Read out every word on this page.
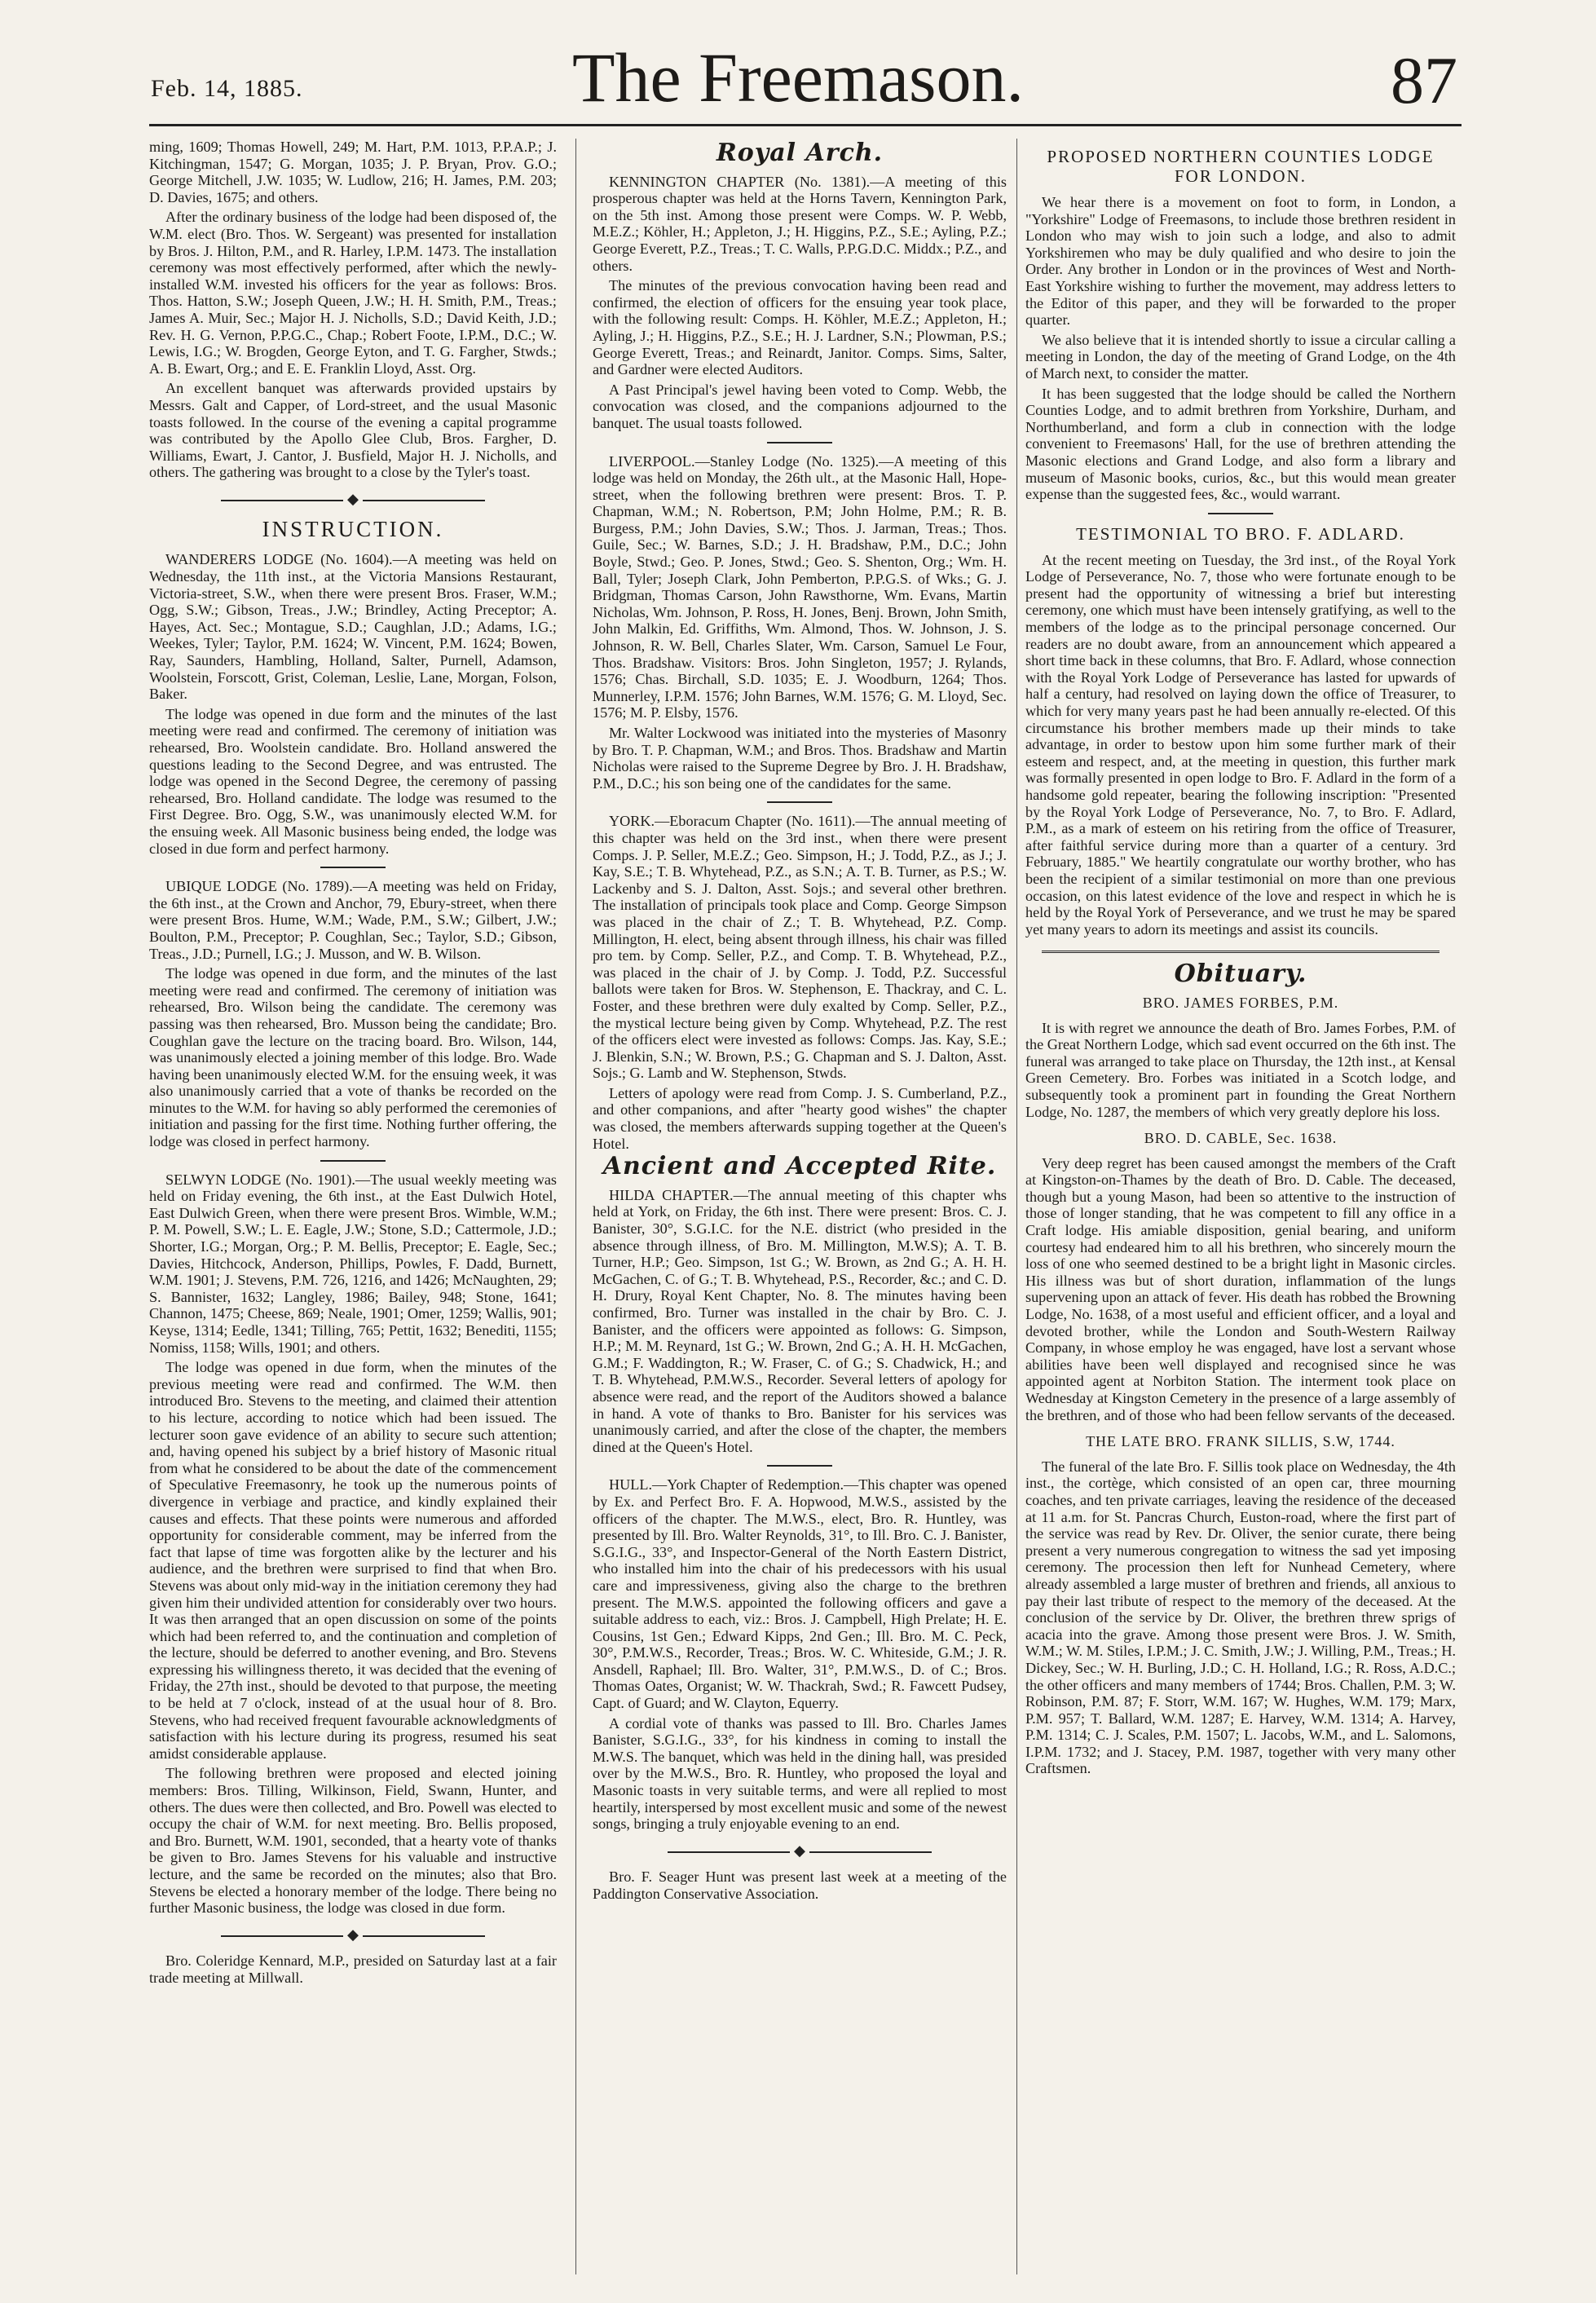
Feb. 14, 1885.	The Freemason.	87

ming, 1609; Thomas Howell, 249; M. Hart, P.M. 1013, P.P.A.P.; J. Kitchingman, 1547; G. Morgan, 1035; J. P. Bryan, Prov. G.O.; George Mitchell, J.W. 1035; W. Ludlow, 216; H. James, P.M. 203; D. Davies, 1675; and others.

After the ordinary business of the lodge had been disposed of, the W.M. elect (Bro. Thos. W. Sergeant) was presented for installation by Bros. J. Hilton, P.M., and R. Harley, I.P.M. 1473. The installation ceremony was most effectively performed, after which the newly-installed W.M. invested his officers for the year as follows: Bros. Thos. Hatton, S.W.; Joseph Queen, J.W.; H. H. Smith, P.M., Treas.; James A. Muir, Sec.; Major H. J. Nicholls, S.D.; David Keith, J.D.; Rev. H. G. Vernon, P.P.G.C., Chap.; Robert Foote, I.P.M., D.C.; W. Lewis, I.G.; W. Brogden, George Eyton, and T. G. Fargher, Stwds.; A. B. Ewart, Org.; and E. E. Franklin Lloyd, Asst. Org.

An excellent banquet was afterwards provided upstairs by Messrs. Galt and Capper, of Lord-street, and the usual Masonic toasts followed. In the course of the evening a capital programme was contributed by the Apollo Glee Club, Bros. Fargher, D. Williams, Ewart, J. Cantor, J. Busfield, Major H. J. Nicholls, and others. The gathering was brought to a close by the Tyler's toast.

◆
INSTRUCTION.

WANDERERS LODGE (No. 1604).—A meeting was held on Wednesday, the 11th inst., at the Victoria Mansions Restaurant, Victoria-street, S.W., when there were present Bros. Fraser, W.M.; Ogg, S.W.; Gibson, Treas., J.W.; Brindley, Acting Preceptor; A. Hayes, Act. Sec.; Montague, S.D.; Caughlan, J.D.; Adams, I.G.; Weekes, Tyler; Taylor, P.M. 1624; W. Vincent, P.M. 1624; Bowen, Ray, Saunders, Hambling, Holland, Salter, Purnell, Adamson, Woolstein, Forscott, Grist, Coleman, Leslie, Lane, Morgan, Folson, Baker.

The lodge was opened in due form and the minutes of the last meeting were read and confirmed. The ceremony of initiation was rehearsed, Bro. Woolstein candidate. Bro. Holland answered the questions leading to the Second Degree, and was entrusted. The lodge was opened in the Second Degree, the ceremony of passing rehearsed, Bro. Holland candidate. The lodge was resumed to the First Degree. Bro. Ogg, S.W., was unanimously elected W.M. for the ensuing week. All Masonic business being ended, the lodge was closed in due form and perfect harmony.

UBIQUE LODGE (No. 1789).—A meeting was held on Friday, the 6th inst., at the Crown and Anchor, 79, Ebury-street, when there were present Bros. Hume, W.M.; Wade, P.M., S.W.; Gilbert, J.W.; Boulton, P.M., Preceptor; P. Coughlan, Sec.; Taylor, S.D.; Gibson, Treas., J.D.; Purnell, I.G.; J. Musson, and W. B. Wilson.

The lodge was opened in due form, and the minutes of the last meeting were read and confirmed. The ceremony of initiation was rehearsed, Bro. Wilson being the candidate. The ceremony was passing was then rehearsed, Bro. Musson being the candidate; Bro. Coughlan gave the lecture on the tracing board. Bro. Wilson, 144, was unanimously elected a joining member of this lodge. Bro. Wade having been unanimously elected W.M. for the ensuing week, it was also unanimously carried that a vote of thanks be recorded on the minutes to the W.M. for having so ably performed the ceremonies of initiation and passing for the first time. Nothing further offering, the lodge was closed in perfect harmony.

SELWYN LODGE (No. 1901).—The usual weekly meeting was held on Friday evening, the 6th inst., at the East Dulwich Hotel, East Dulwich Green, when there were present Bros. Wimble, W.M.; P. M. Powell, S.W.; L. E. Eagle, J.W.; Stone, S.D.; Cattermole, J.D.; Shorter, I.G.; Morgan, Org.; P. M. Bellis, Preceptor; E. Eagle, Sec.; Davies, Hitchcock, Anderson, Phillips, Powles, F. Dadd, Burnett, W.M. 1901; J. Stevens, P.M. 726, 1216, and 1426; McNaughten, 29; S. Bannister, 1632; Langley, 1986; Bailey, 948; Stone, 1641; Channon, 1475; Cheese, 869; Neale, 1901; Omer, 1259; Wallis, 901; Keyse, 1314; Eedle, 1341; Tilling, 765; Pettit, 1632; Benediti, 1155; Nomiss, 1158; Wills, 1901; and others.

The lodge was opened in due form, when the minutes of the previous meeting were read and confirmed. The W.M. then introduced Bro. Stevens to the meeting, and claimed their attention to his lecture, according to notice which had been issued. The lecturer soon gave evidence of an ability to secure such attention; and, having opened his subject by a brief history of Masonic ritual from what he considered to be about the date of the commencement of Speculative Freemasonry, he took up the numerous points of divergence in verbiage and practice, and kindly explained their causes and effects. That these points were numerous and afforded opportunity for considerable comment, may be inferred from the fact that lapse of time was forgotten alike by the lecturer and his audience, and the brethren were surprised to find that when Bro. Stevens was about only mid-way in the initiation ceremony they had given him their undivided attention for considerably over two hours. It was then arranged that an open discussion on some of the points which had been referred to, and the continuation and completion of the lecture, should be deferred to another evening, and Bro. Stevens expressing his willingness thereto, it was decided that the evening of Friday, the 27th inst., should be devoted to that purpose, the meeting to be held at 7 o'clock, instead of at the usual hour of 8. Bro. Stevens, who had received frequent favourable acknowledgments of satisfaction with his lecture during its progress, resumed his seat amidst considerable applause.

The following brethren were proposed and elected joining members: Bros. Tilling, Wilkinson, Field, Swann, Hunter, and others. The dues were then collected, and Bro. Powell was elected to occupy the chair of W.M. for next meeting. Bro. Bellis proposed, and Bro. Burnett, W.M. 1901, seconded, that a hearty vote of thanks be given to Bro. James Stevens for his valuable and instructive lecture, and the same be recorded on the minutes; also that Bro. Stevens be elected a honorary member of the lodge. There being no further Masonic business, the lodge was closed in due form.

◆

Bro. Coleridge Kennard, M.P., presided on Saturday last at a fair trade meeting at Millwall.

Royal Arch.

KENNINGTON CHAPTER (No. 1381).—A meeting of this prosperous chapter was held at the Horns Tavern, Kennington Park, on the 5th inst. Among those present were Comps. W. P. Webb, M.E.Z.; Köhler, H.; Appleton, J.; H. Higgins, P.Z., S.E.; Ayling, P.Z.; George Everett, P.Z., Treas.; T. C. Walls, P.P.G.D.C. Middx.; P.Z., and others.

The minutes of the previous convocation having been read and confirmed, the election of officers for the ensuing year took place, with the following result: Comps. H. Köhler, M.E.Z.; Appleton, H.; Ayling, J.; H. Higgins, P.Z., S.E.; H. J. Lardner, S.N.; Plowman, P.S.; George Everett, Treas.; and Reinardt, Janitor. Comps. Sims, Salter, and Gardner were elected Auditors.

A Past Principal's jewel having been voted to Comp. Webb, the convocation was closed, and the companions adjourned to the banquet. The usual toasts followed.

LIVERPOOL.—Stanley Lodge (No. 1325).—A meeting of this lodge was held on Monday, the 26th ult., at the Masonic Hall, Hope-street, when the following brethren were present: Bros. T. P. Chapman, W.M.; N. Robertson, P.M; John Holme, P.M.; R. B. Burgess, P.M.; John Davies, S.W.; Thos. J. Jarman, Treas.; Thos. Guile, Sec.; W. Barnes, S.D.; J. H. Bradshaw, P.M., D.C.; John Boyle, Stwd.; Geo. P. Jones, Stwd.; Geo. S. Shenton, Org.; Wm. H. Ball, Tyler; Joseph Clark, John Pemberton, P.P.G.S. of Wks.; G. J. Bridgman, Thomas Carson, John Rawsthorne, Wm. Evans, Martin Nicholas, Wm. Johnson, P. Ross, H. Jones, Benj. Brown, John Smith, John Malkin, Ed. Griffiths, Wm. Almond, Thos. W. Johnson, J. S. Johnson, R. W. Bell, Charles Slater, Wm. Carson, Samuel Le Four, Thos. Bradshaw. Visitors: Bros. John Singleton, 1957; J. Rylands, 1576; Chas. Birchall, S.D. 1035; E. J. Woodburn, 1264; Thos. Munnerley, I.P.M. 1576; John Barnes, W.M. 1576; G. M. Lloyd, Sec. 1576; M. P. Elsby, 1576.

Mr. Walter Lockwood was initiated into the mysteries of Masonry by Bro. T. P. Chapman, W.M.; and Bros. Thos. Bradshaw and Martin Nicholas were raised to the Supreme Degree by Bro. J. H. Bradshaw, P.M., D.C.; his son being one of the candidates for the same.

YORK.—Eboracum Chapter (No. 1611).—The annual meeting of this chapter was held on the 3rd inst., when there were present Comps. J. P. Seller, M.E.Z.; Geo. Simpson, H.; J. Todd, P.Z., as J.; J. Kay, S.E.; T. B. Whytehead, P.Z., as S.N.; A. T. B. Turner, as P.S.; W. Lackenby and S. J. Dalton, Asst. Sojs.; and several other brethren. The installation of principals took place and Comp. George Simpson was placed in the chair of Z.; T. B. Whytehead, P.Z. Comp. Millington, H. elect, being absent through illness, his chair was filled pro tem. by Comp. Seller, P.Z., and Comp. T. B. Whytehead, P.Z., was placed in the chair of J. by Comp. J. Todd, P.Z. Successful ballots were taken for Bros. W. Stephenson, E. Thackray, and C. L. Foster, and these brethren were duly exalted by Comp. Seller, P.Z., the mystical lecture being given by Comp. Whytehead, P.Z. The rest of the officers elect were invested as follows: Comps. Jas. Kay, S.E.; J. Blenkin, S.N.; W. Brown, P.S.; G. Chapman and S. J. Dalton, Asst. Sojs.; G. Lamb and W. Stephenson, Stwds.

Letters of apology were read from Comp. J. S. Cumberland, P.Z., and other companions, and after "hearty good wishes" the chapter was closed, the members afterwards supping together at the Queen's Hotel.

Ancient and Accepted Rite.

HILDA CHAPTER.—The annual meeting of this chapter whs held at York, on Friday, the 6th inst. There were present: Bros. C. J. Banister, 30°, S.G.I.C. for the N.E. district (who presided in the absence through illness, of Bro. M. Millington, M.W.S); A. T. B. Turner, H.P.; Geo. Simpson, 1st G.; W. Brown, as 2nd G.; A. H. H. McGachen, C. of G.; T. B. Whytehead, P.S., Recorder, &c.; and C. D. H. Drury, Royal Kent Chapter, No. 8. The minutes having been confirmed, Bro. Turner was installed in the chair by Bro. C. J. Banister, and the officers were appointed as follows: G. Simpson, H.P.; M. M. Reynard, 1st G.; W. Brown, 2nd G.; A. H. H. McGachen, G.M.; F. Waddington, R.; W. Fraser, C. of G.; S. Chadwick, H.; and T. B. Whytehead, P.M.W.S., Recorder. Several letters of apology for absence were read, and the report of the Auditors showed a balance in hand. A vote of thanks to Bro. Banister for his services was unanimously carried, and after the close of the chapter, the members dined at the Queen's Hotel.

HULL.—York Chapter of Redemption.—This chapter was opened by Ex. and Perfect Bro. F. A. Hopwood, M.W.S., assisted by the officers of the chapter. The M.W.S., elect, Bro. R. Huntley, was presented by Ill. Bro. Walter Reynolds, 31°, to Ill. Bro. C. J. Banister, S.G.I.G., 33°, and Inspector-General of the North Eastern District, who installed him into the chair of his predecessors with his usual care and impressiveness, giving also the charge to the brethren present. The M.W.S. appointed the following officers and gave a suitable address to each, viz.: Bros. J. Campbell, High Prelate; H. E. Cousins, 1st Gen.; Edward Kipps, 2nd Gen.; Ill. Bro. M. C. Peck, 30°, P.M.W.S., Recorder, Treas.; Bros. W. C. Whiteside, G.M.; J. R. Ansdell, Raphael; Ill. Bro. Walter, 31°, P.M.W.S., D. of C.; Bros. Thomas Oates, Organist; W. W. Thackrah, Swd.; R. Fawcett Pudsey, Capt. of Guard; and W. Clayton, Equerry.

A cordial vote of thanks was passed to Ill. Bro. Charles James Banister, S.G.I.G., 33°, for his kindness in coming to install the M.W.S. The banquet, which was held in the dining hall, was presided over by the M.W.S., Bro. R. Huntley, who proposed the loyal and Masonic toasts in very suitable terms, and were all replied to most heartily, interspersed by most excellent music and some of the newest songs, bringing a truly enjoyable evening to an end.

◆

Bro. F. Seager Hunt was present last week at a meeting of the Paddington Conservative Association.

PROPOSED NORTHERN COUNTIES LODGE FOR LONDON.

We hear there is a movement on foot to form, in London, a "Yorkshire" Lodge of Freemasons, to include those brethren resident in London who may wish to join such a lodge, and also to admit Yorkshiremen who may be duly qualified and who desire to join the Order. Any brother in London or in the provinces of West and North-East Yorkshire wishing to further the movement, may address letters to the Editor of this paper, and they will be forwarded to the proper quarter.

We also believe that it is intended shortly to issue a circular calling a meeting in London, the day of the meeting of Grand Lodge, on the 4th of March next, to consider the matter.

It has been suggested that the lodge should be called the Northern Counties Lodge, and to admit brethren from Yorkshire, Durham, and Northumberland, and form a club in connection with the lodge convenient to Freemasons' Hall, for the use of brethren attending the Masonic elections and Grand Lodge, and also form a library and museum of Masonic books, curios, &c., but this would mean greater expense than the suggested fees, &c., would warrant.

TESTIMONIAL TO BRO. F. ADLARD.

At the recent meeting on Tuesday, the 3rd inst., of the Royal York Lodge of Perseverance, No. 7, those who were fortunate enough to be present had the opportunity of witnessing a brief but interesting ceremony, one which must have been intensely gratifying, as well to the members of the lodge as to the principal personage concerned. Our readers are no doubt aware, from an announcement which appeared a short time back in these columns, that Bro. F. Adlard, whose connection with the Royal York Lodge of Perseverance has lasted for upwards of half a century, had resolved on laying down the office of Treasurer, to which for very many years past he had been annually re-elected. Of this circumstance his brother members made up their minds to take advantage, in order to bestow upon him some further mark of their esteem and respect, and, at the meeting in question, this further mark was formally presented in open lodge to Bro. F. Adlard in the form of a handsome gold repeater, bearing the following inscription: "Presented by the Royal York Lodge of Perseverance, No. 7, to Bro. F. Adlard, P.M., as a mark of esteem on his retiring from the office of Treasurer, after faithful service during more than a quarter of a century. 3rd February, 1885." We heartily congratulate our worthy brother, who has been the recipient of a similar testimonial on more than one previous occasion, on this latest evidence of the love and respect in which he is held by the Royal York of Perseverance, and we trust he may be spared yet many years to adorn its meetings and assist its councils.

Obituary.
BRO. JAMES FORBES, P.M.

It is with regret we announce the death of Bro. James Forbes, P.M. of the Great Northern Lodge, which sad event occurred on the 6th inst. The funeral was arranged to take place on Thursday, the 12th inst., at Kensal Green Cemetery. Bro. Forbes was initiated in a Scotch lodge, and subsequently took a prominent part in founding the Great Northern Lodge, No. 1287, the members of which very greatly deplore his loss.

BRO. D. CABLE, Sec. 1638.

Very deep regret has been caused amongst the members of the Craft at Kingston-on-Thames by the death of Bro. D. Cable. The deceased, though but a young Mason, had been so attentive to the instruction of those of longer standing, that he was competent to fill any office in a Craft lodge. His amiable disposition, genial bearing, and uniform courtesy had endeared him to all his brethren, who sincerely mourn the loss of one who seemed destined to be a bright light in Masonic circles. His illness was but of short duration, inflammation of the lungs supervening upon an attack of fever. His death has robbed the Browning Lodge, No. 1638, of a most useful and efficient officer, and a loyal and devoted brother, while the London and South-Western Railway Company, in whose employ he was engaged, have lost a servant whose abilities have been well displayed and recognised since he was appointed agent at Norbiton Station. The interment took place on Wednesday at Kingston Cemetery in the presence of a large assembly of the brethren, and of those who had been fellow servants of the deceased.

THE LATE BRO. FRANK SILLIS, S.W, 1744.

The funeral of the late Bro. F. Sillis took place on Wednesday, the 4th inst., the cortège, which consisted of an open car, three mourning coaches, and ten private carriages, leaving the residence of the deceased at 11 a.m. for St. Pancras Church, Euston-road, where the first part of the service was read by Rev. Dr. Oliver, the senior curate, there being present a very numerous congregation to witness the sad yet imposing ceremony. The procession then left for Nunhead Cemetery, where already assembled a large muster of brethren and friends, all anxious to pay their last tribute of respect to the memory of the deceased. At the conclusion of the service by Dr. Oliver, the brethren threw sprigs of acacia into the grave. Among those present were Bros. J. W. Smith, W.M.; W. M. Stiles, I.P.M.; J. C. Smith, J.W.; J. Willing, P.M., Treas.; H. Dickey, Sec.; W. H. Burling, J.D.; C. H. Holland, I.G.; R. Ross, A.D.C.; the other officers and many members of 1744; Bros. Challen, P.M. 3; W. Robinson, P.M. 87; F. Storr, W.M. 167; W. Hughes, W.M. 179; Marx, P.M. 957; T. Ballard, W.M. 1287; E. Harvey, W.M. 1314; A. Harvey, P.M. 1314; C. J. Scales, P.M. 1507; L. Jacobs, W.M., and L. Salomons, I.P.M. 1732; and J. Stacey, P.M. 1987, together with very many other Craftsmen.
